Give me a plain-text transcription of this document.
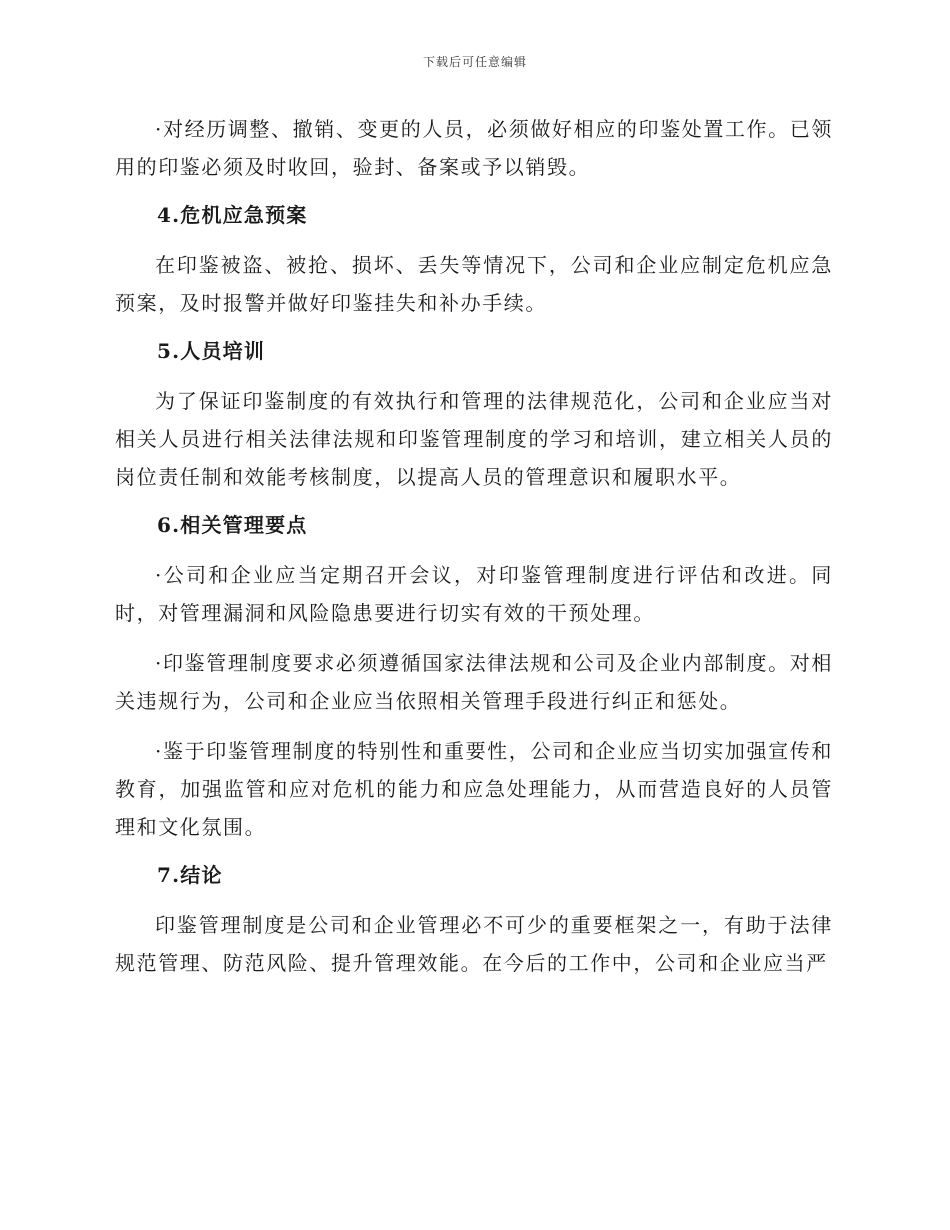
下载后可任意编辑

·对经历调整、撤销、变更的人员，必须做好相应的印鉴处置工作。已领用的印鉴必须及时收回，验封、备案或予以销毁。

4.危机应急预案

在印鉴被盗、被抢、损坏、丢失等情况下，公司和企业应制定危机应急预案，及时报警并做好印鉴挂失和补办手续。

5.人员培训

为了保证印鉴制度的有效执行和管理的法律规范化，公司和企业应当对相关人员进行相关法律法规和印鉴管理制度的学习和培训，建立相关人员的岗位责任制和效能考核制度，以提高人员的管理意识和履职水平。

6.相关管理要点

·公司和企业应当定期召开会议，对印鉴管理制度进行评估和改进。同时，对管理漏洞和风险隐患要进行切实有效的干预处理。

·印鉴管理制度要求必须遵循国家法律法规和公司及企业内部制度。对相关违规行为，公司和企业应当依照相关管理手段进行纠正和惩处。

·鉴于印鉴管理制度的特别性和重要性，公司和企业应当切实加强宣传和教育，加强监管和应对危机的能力和应急处理能力，从而营造良好的人员管理和文化氛围。

7.结论

印鉴管理制度是公司和企业管理必不可少的重要框架之一，有助于法律规范管理、防范风险、提升管理效能。在今后的工作中，公司和企业应当严
